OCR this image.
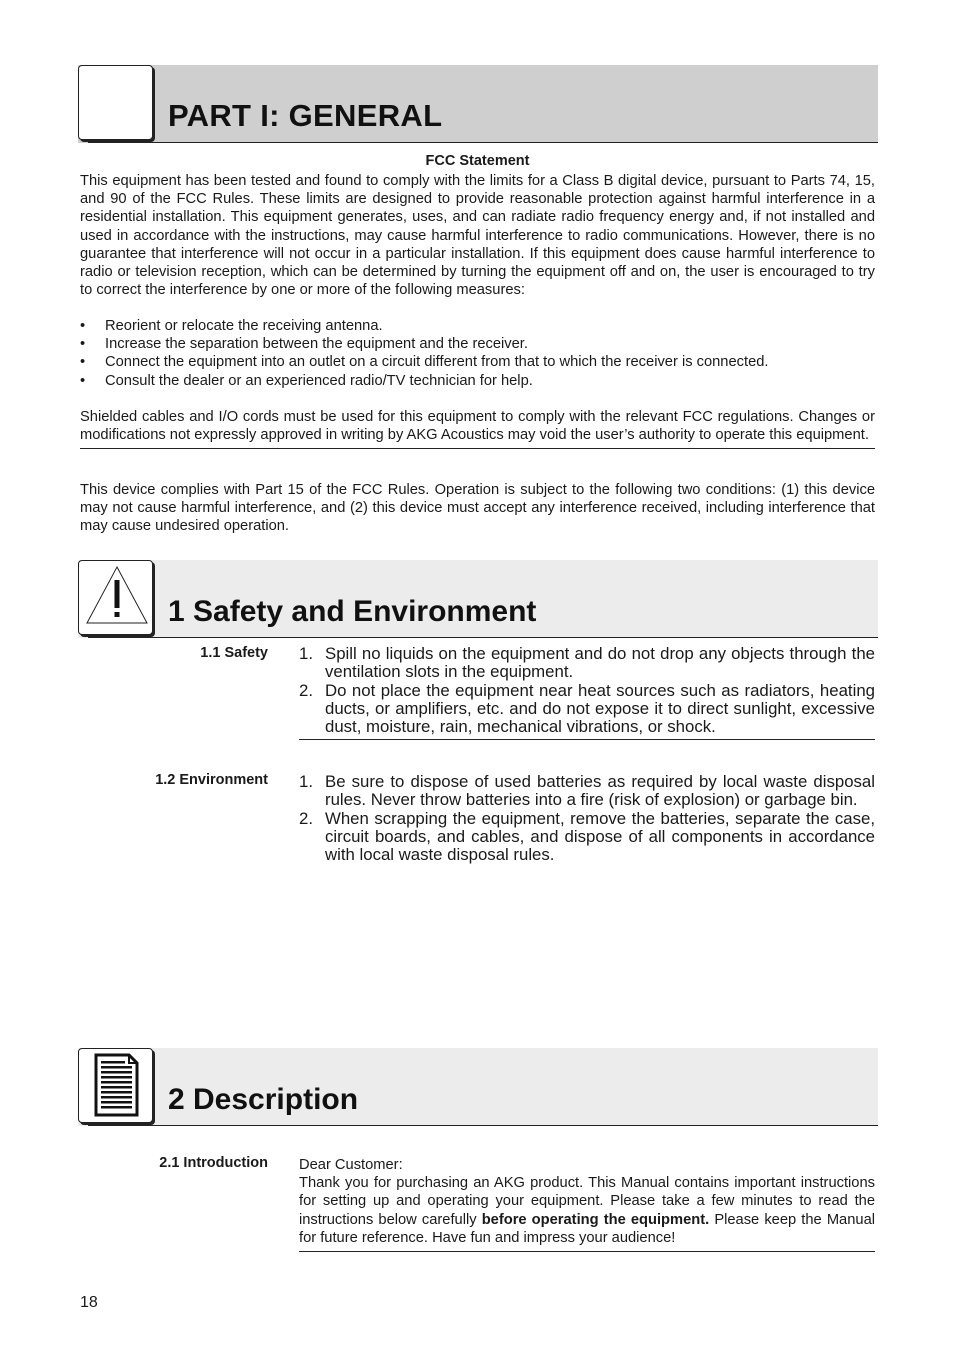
PART I: GENERAL
FCC Statement

This equipment has been tested and found to comply with the limits for a Class B digital device, pursuant to Parts 74, 15, and 90 of the FCC Rules. These limits are designed to provide reasonable protection against harmful interference in a residential installation. This equipment generates, uses, and can radiate radio frequency energy and, if not installed and used in accordance with the instructions, may cause harmful interference to radio communications. However, there is no guarantee that interference will not occur in a particular installation. If this equipment does cause harmful interference to radio or television reception, which can be determined by turning the equipment off and on, the user is encouraged to try to correct the interference by one or more of the following measures:

• Reorient or relocate the receiving antenna.
• Increase the separation between the equipment and the receiver.
• Connect the equipment into an outlet on a circuit different from that to which the receiver is connected.
• Consult the dealer or an experienced radio/TV technician for help.

Shielded cables and I/O cords must be used for this equipment to comply with the relevant FCC regulations. Changes or modifications not expressly approved in writing by AKG Acoustics may void the user’s authority to operate this equipment.

This device complies with Part 15 of the FCC Rules. Operation is subject to the following two conditions: (1) this device may not cause harmful interference, and (2) this device must accept any interference received, including interference that may cause undesired operation.

1 Safety and Environment
1.1 Safety 1. Spill no liquids on the equipment and do not drop any objects through the ventilation slots in the equipment.
2. Do not place the equipment near heat sources such as radiators, heating ducts, or amplifiers, etc. and do not expose it to direct sunlight, excessive dust, moisture, rain, mechanical vibrations, or shock.
1.2 Environment 1. Be sure to dispose of used batteries as required by local waste disposal rules. Never throw batteries into a fire (risk of explosion) or garbage bin.
2. When scrapping the equipment, remove the batteries, separate the case, circuit boards, and cables, and dispose of all components in accordance with local waste disposal rules.
2 Description
2.1 Introduction Dear Customer:
Thank you for purchasing an AKG product. This Manual contains important instructions for setting up and operating your equipment. Please take a few minutes to read the instructions below carefully before operating the equipment. Please keep the Manual for future reference. Have fun and impress your audience!

18
